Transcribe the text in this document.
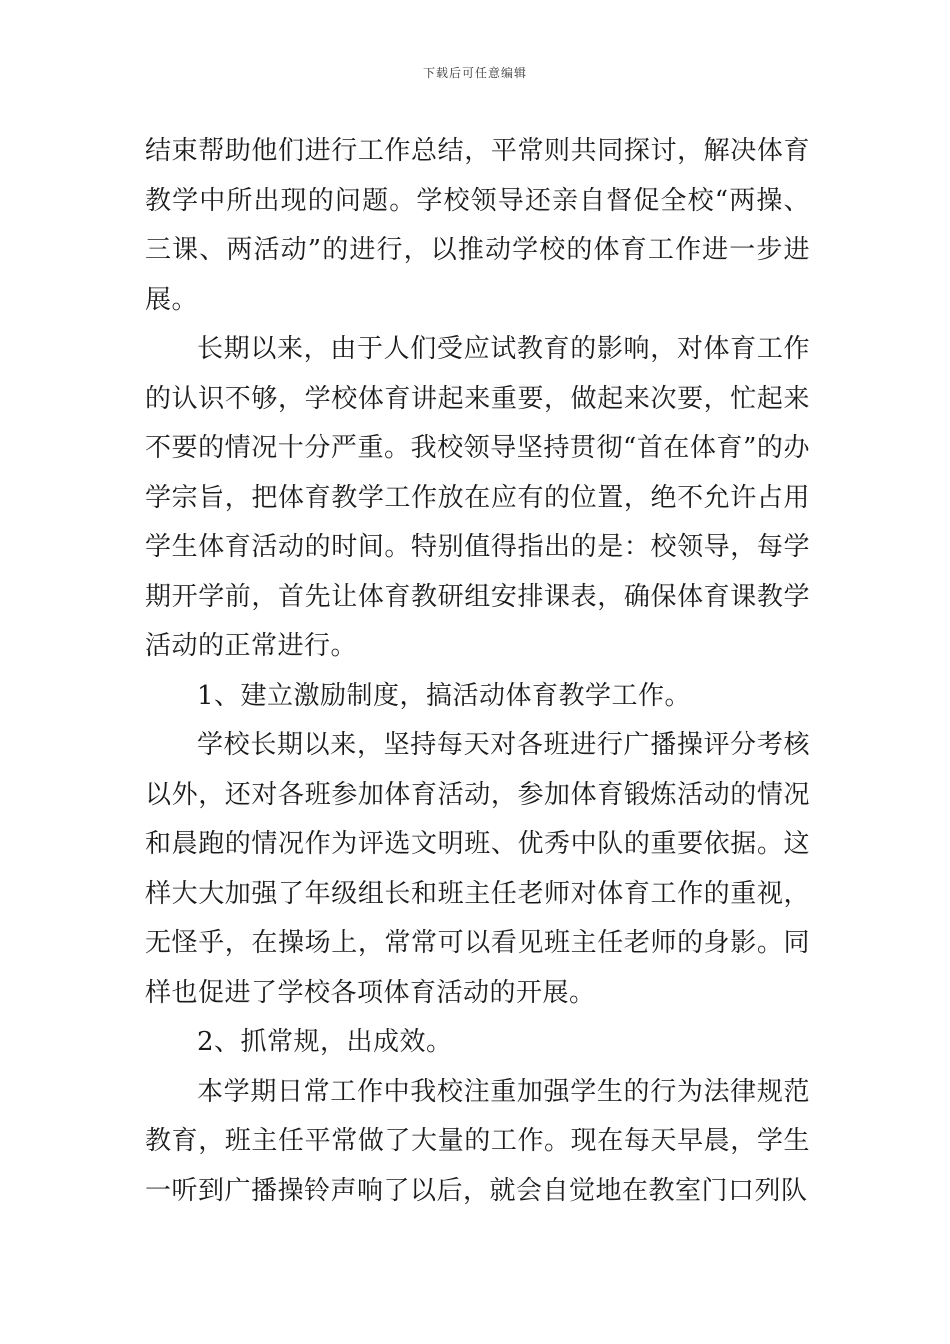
下载后可任意编辑

结束帮助他们进行工作总结，平常则共同探讨，解决体育教学中所出现的问题。学校领导还亲自督促全校“两操、三课、两活动”的进行，以推动学校的体育工作进一步进展。

长期以来，由于人们受应试教育的影响，对体育工作的认识不够，学校体育讲起来重要，做起来次要，忙起来不要的情况十分严重。我校领导坚持贯彻“首在体育”的办学宗旨，把体育教学工作放在应有的位置，绝不允许占用学生体育活动的时间。特别值得指出的是：校领导，每学期开学前，首先让体育教研组安排课表，确保体育课教学活动的正常进行。

1、建立激励制度，搞活动体育教学工作。

学校长期以来，坚持每天对各班进行广播操评分考核以外，还对各班参加体育活动，参加体育锻炼活动的情况和晨跑的情况作为评选文明班、优秀中队的重要依据。这样大大加强了年级组长和班主任老师对体育工作的重视，无怪乎，在操场上，常常可以看见班主任老师的身影。同样也促进了学校各项体育活动的开展。

2、抓常规，出成效。

本学期日常工作中我校注重加强学生的行为法律规范教育，班主任平常做了大量的工作。现在每天早晨，学生一听到广播操铃声响了以后，就会自觉地在教室门口列队
